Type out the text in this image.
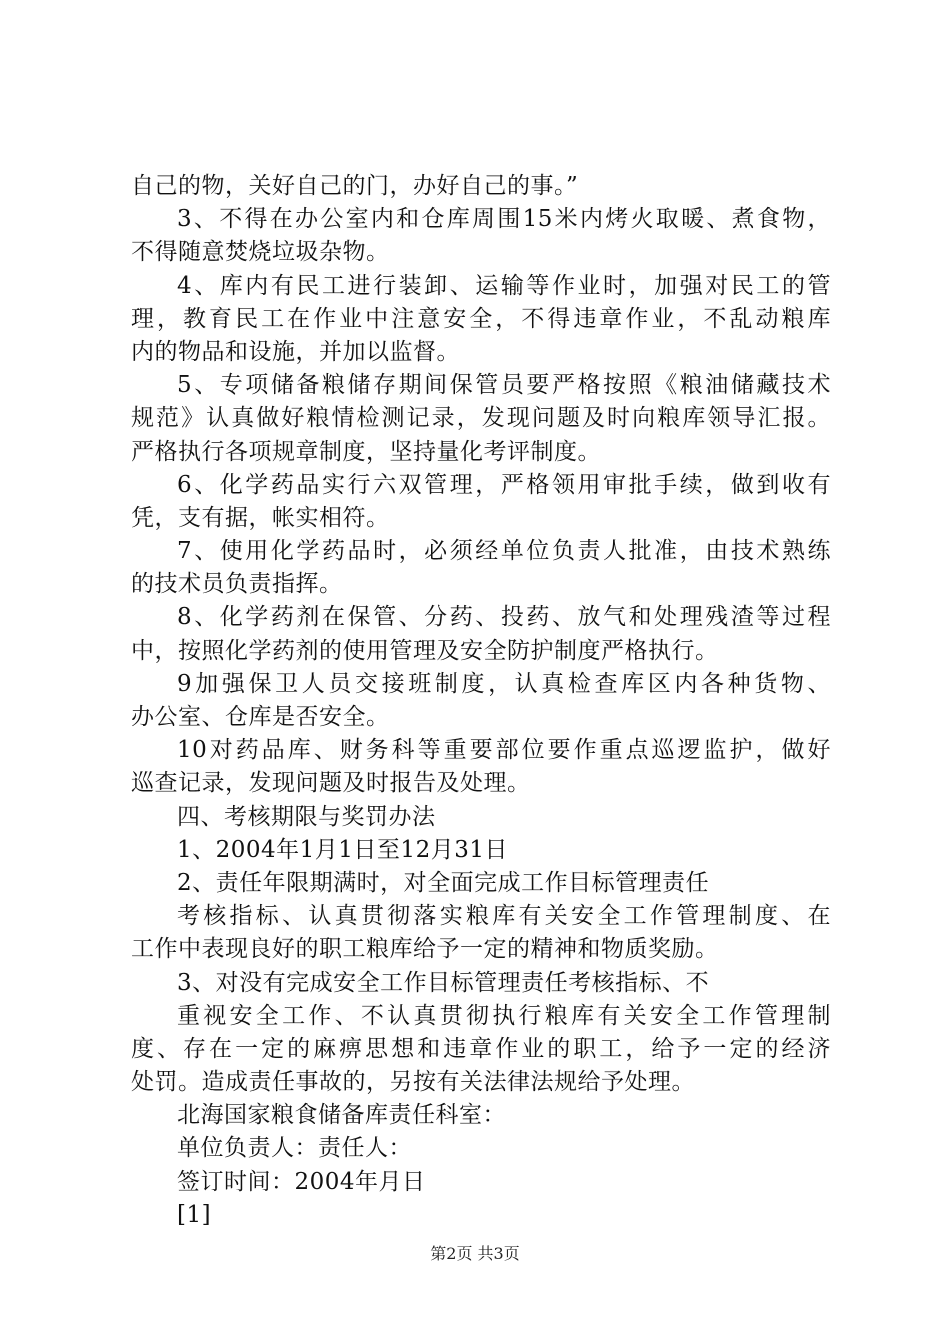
自己的物，关好自己的门，办好自己的事。”
3、不得在办公室内和仓库周围15米内烤火取暖、煮食物，
不得随意焚烧垃圾杂物。
4、库内有民工进行装卸、运输等作业时，加强对民工的管
理，教育民工在作业中注意安全，不得违章作业，不乱动粮库
内的物品和设施，并加以监督。
5、专项储备粮储存期间保管员要严格按照《粮油储藏技术
规范》认真做好粮情检测记录，发现问题及时向粮库领导汇报。
严格执行各项规章制度，坚持量化考评制度。
6、化学药品实行六双管理，严格领用审批手续，做到收有
凭，支有据，帐实相符。
7、使用化学药品时，必须经单位负责人批准，由技术熟练
的技术员负责指挥。
8、化学药剂在保管、分药、投药、放气和处理残渣等过程
中，按照化学药剂的使用管理及安全防护制度严格执行。
9加强保卫人员交接班制度，认真检查库区内各种货物、
办公室、仓库是否安全。
10对药品库、财务科等重要部位要作重点巡逻监护，做好
巡查记录，发现问题及时报告及处理。
四、考核期限与奖罚办法
1、2004年1月1日至12月31日
2、责任年限期满时，对全面完成工作目标管理责任
考核指标、认真贯彻落实粮库有关安全工作管理制度、在
工作中表现良好的职工粮库给予一定的精神和物质奖励。
3、对没有完成安全工作目标管理责任考核指标、不
重视安全工作、不认真贯彻执行粮库有关安全工作管理制
度、存在一定的麻痹思想和违章作业的职工，给予一定的经济
处罚。造成责任事故的，另按有关法律法规给予处理。
北海国家粮食储备库责任科室：
单位负责人：责任人：
签订时间：2004年月日
[1]
第2页 共3页
